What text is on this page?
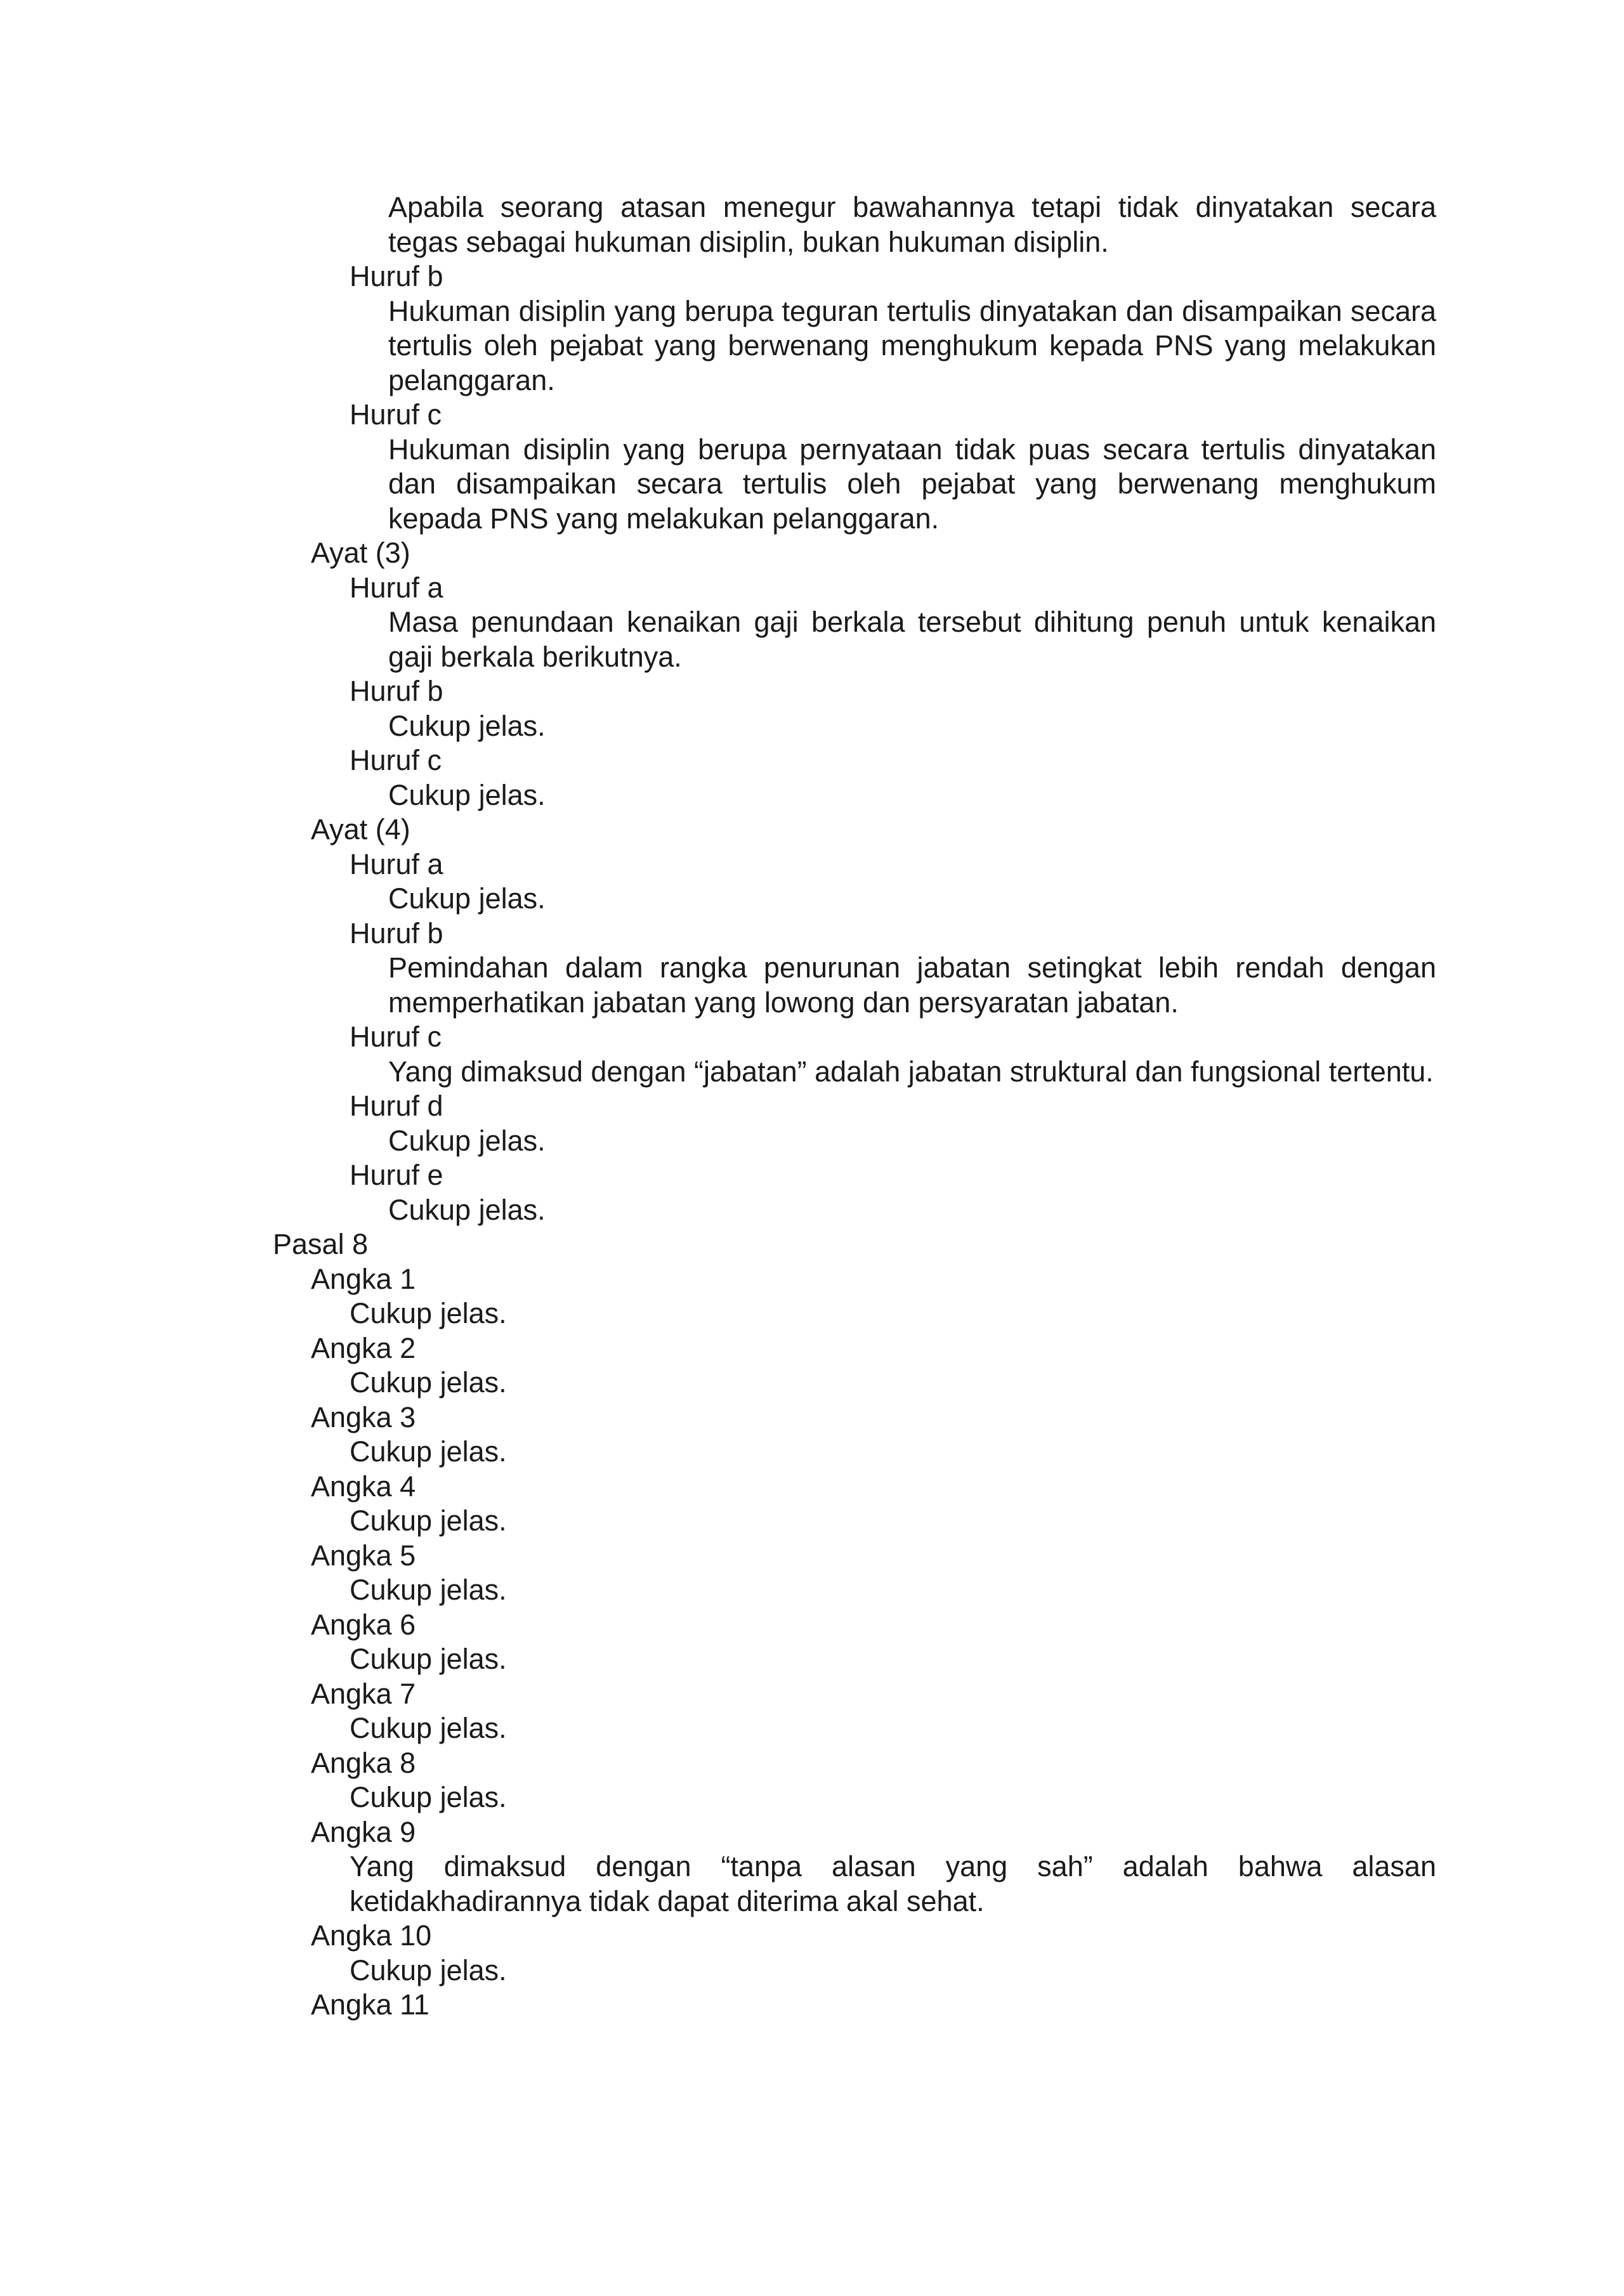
Apabila seorang atasan menegur bawahannya tetapi tidak dinyatakan secara tegas sebagai hukuman disiplin, bukan hukuman disiplin.
Huruf b
Hukuman disiplin yang berupa teguran tertulis dinyatakan dan disampaikan secara tertulis oleh pejabat yang berwenang menghukum kepada PNS yang melakukan pelanggaran.
Huruf c
Hukuman disiplin yang berupa pernyataan tidak puas secara tertulis dinyatakan dan disampaikan secara tertulis oleh pejabat yang berwenang menghukum kepada PNS yang melakukan pelanggaran.
Ayat (3)
Huruf a
Masa penundaan kenaikan gaji berkala tersebut dihitung penuh untuk kenaikan gaji berkala berikutnya.
Huruf b
Cukup jelas.
Huruf c
Cukup jelas.
Ayat (4)
Huruf a
Cukup jelas.
Huruf b
Pemindahan dalam rangka penurunan jabatan setingkat lebih rendah dengan memperhatikan jabatan yang lowong dan persyaratan jabatan.
Huruf c
Yang dimaksud dengan “jabatan” adalah jabatan struktural dan fungsional tertentu.
Huruf d
Cukup jelas.
Huruf e
Cukup jelas.
Pasal 8
Angka 1
Cukup jelas.
Angka 2
Cukup jelas.
Angka 3
Cukup jelas.
Angka 4
Cukup jelas.
Angka 5
Cukup jelas.
Angka 6
Cukup jelas.
Angka 7
Cukup jelas.
Angka 8
Cukup jelas.
Angka 9
Yang dimaksud dengan “tanpa alasan yang sah” adalah bahwa alasan ketidakhadirannya tidak dapat diterima akal sehat.
Angka 10
Cukup jelas.
Angka 11
